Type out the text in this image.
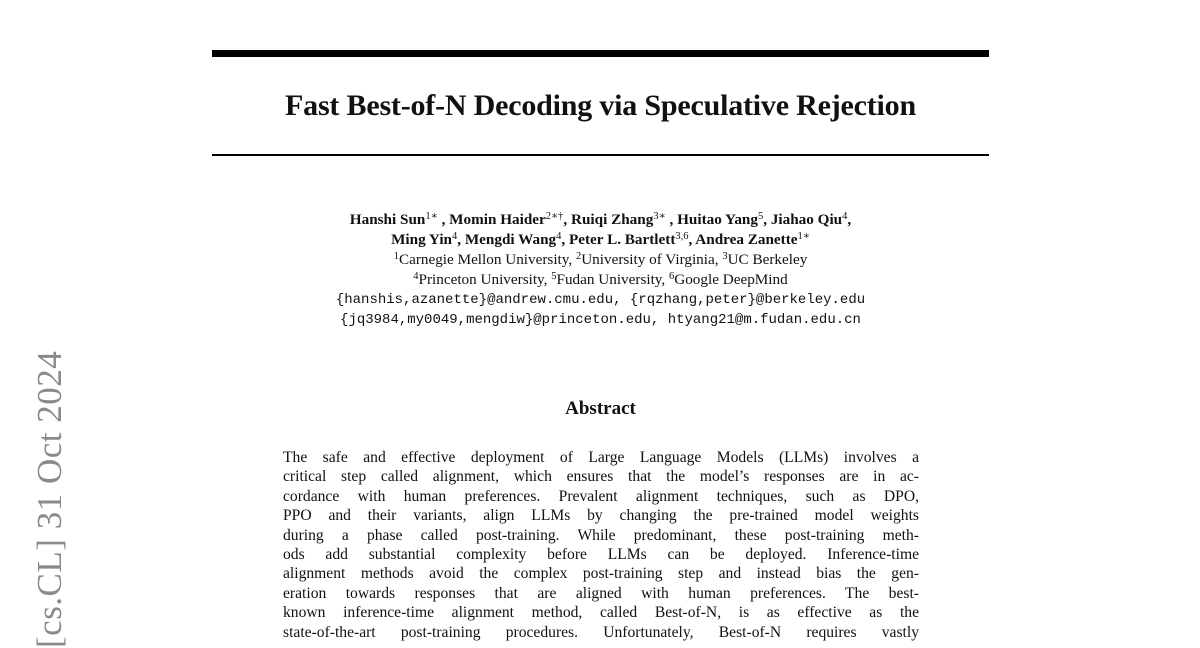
Fast Best-of-N Decoding via Speculative Rejection
Hanshi Sun$^{1∗}$ , Momin Haider$^{2∗\dagger}$, Ruiqi Zhang$^{3∗}$ , Huitao Yang$^5$, Jiahao Qiu$^4$,
Ming Yin$^4$, Mengdi Wang$^4$, Peter L. Bartlett$^{3,6}$, Andrea Zanette$^{1∗}$
$^1$Carnegie Mellon University, $^2$University of Virginia, $^3$UC Berkeley
$^4$Princeton University, $^5$Fudan University, $^6$Google DeepMind
{hanshis,azanette}@andrew.cmu.edu, {rqzhang,peter}@berkeley.edu
{jq3984,my0049,mengdiw}@princeton.edu, htyang21@m.fudan.edu.cn
Abstract
The safe and effective deployment of Large Language Models (LLMs) involves a
critical step called alignment, which ensures that the model’s responses are in ac-
cordance with human preferences. Prevalent alignment techniques, such as DPO,
PPO and their variants, align LLMs by changing the pre-trained model weights
during a phase called post-training. While predominant, these post-training meth-
ods add substantial complexity before LLMs can be deployed. Inference-time
alignment methods avoid the complex post-training step and instead bias the gen-
eration towards responses that are aligned with human preferences. The best-
known inference-time alignment method, called Best-of-N, is as effective as the
state-of-the-art post-training procedures. Unfortunately, Best-of-N requires vastly
[cs.CL] 31 Oct 2024
